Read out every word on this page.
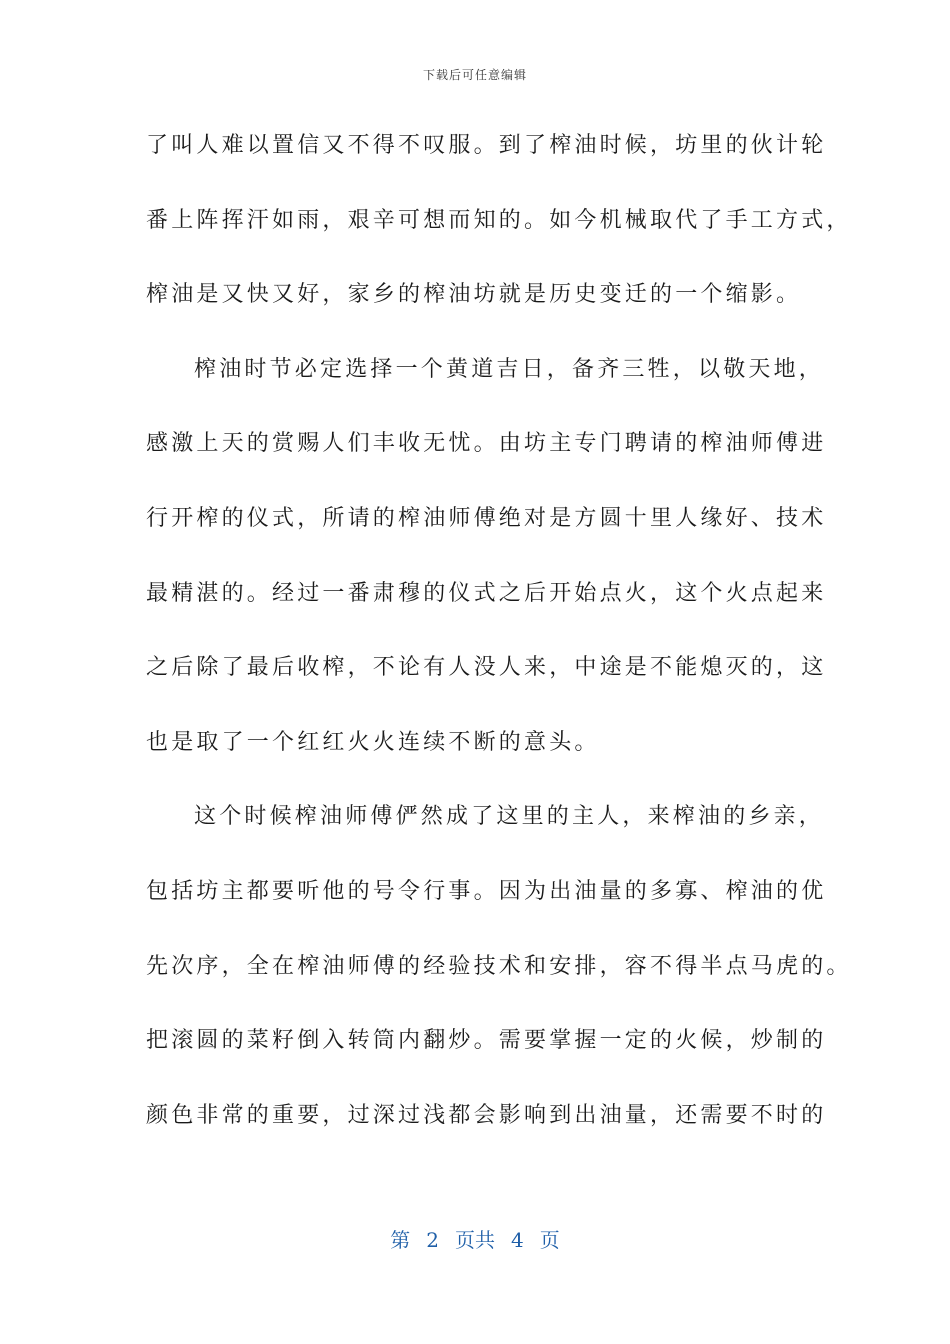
下载后可任意编辑
了叫人难以置信又不得不叹服。到了榨油时候，坊里的伙计轮
番上阵挥汗如雨，艰辛可想而知的。如今机械取代了手工方式，
榨油是又快又好，家乡的榨油坊就是历史变迁的一个缩影。
榨油时节必定选择一个黄道吉日，备齐三牲，以敬天地，
感激上天的赏赐人们丰收无忧。由坊主专门聘请的榨油师傅进
行开榨的仪式，所请的榨油师傅绝对是方圆十里人缘好、技术
最精湛的。经过一番肃穆的仪式之后开始点火，这个火点起来
之后除了最后收榨，不论有人没人来，中途是不能熄灭的，这
也是取了一个红红火火连续不断的意头。
这个时候榨油师傅俨然成了这里的主人，来榨油的乡亲，
包括坊主都要听他的号令行事。因为出油量的多寡、榨油的优
先次序，全在榨油师傅的经验技术和安排，容不得半点马虎的。
把滚圆的菜籽倒入转筒内翻炒。需要掌握一定的火候，炒制的
颜色非常的重要，过深过浅都会影响到出油量，还需要不时的
第 2 页共 4 页
